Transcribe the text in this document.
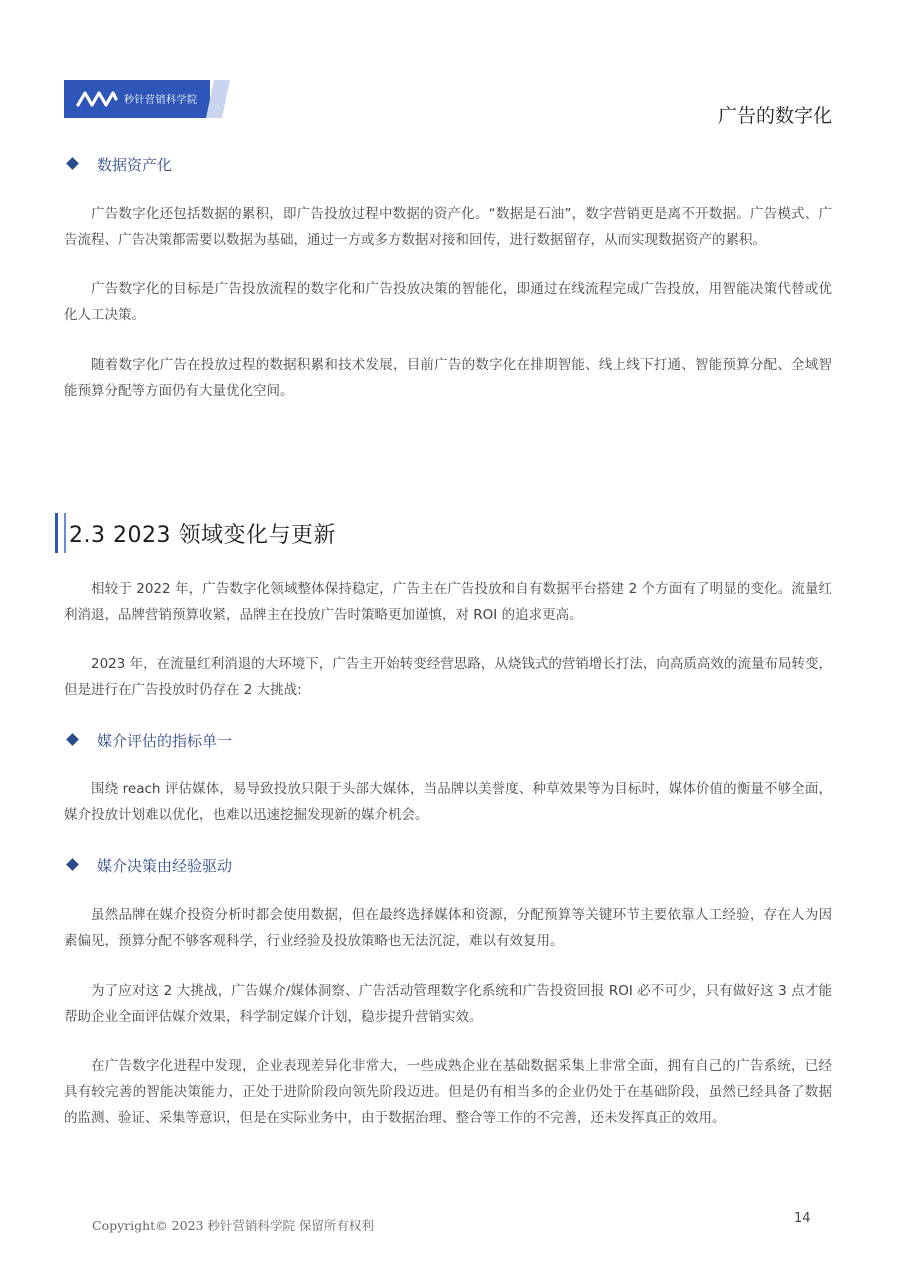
秒针营销科学院
广告的数字化
数据资产化

广告数字化还包括数据的累积，即广告投放过程中数据的资产化。“数据是石油”，数字营销更是离不开数据。广告模式、广告流程、广告决策都需要以数据为基础，通过一方或多方数据对接和回传，进行数据留存，从而实现数据资产的累积。

广告数字化的目标是广告投放流程的数字化和广告投放决策的智能化，即通过在线流程完成广告投放，用智能决策代替或优化人工决策。

随着数字化广告在投放过程的数据积累和技术发展，目前广告的数字化在排期智能、线上线下打通、智能预算分配、全域智能预算分配等方面仍有大量优化空间。

2.3 2023 领域变化与更新

相较于 2022 年，广告数字化领域整体保持稳定，广告主在广告投放和自有数据平台搭建 2 个方面有了明显的变化。流量红利消退，品牌营销预算收紧，品牌主在投放广告时策略更加谨慎，对 ROI 的追求更高。

2023 年，在流量红利消退的大环境下，广告主开始转变经营思路，从烧钱式的营销增长打法，向高质高效的流量布局转变，但是进行在广告投放时仍存在 2 大挑战:

媒介评估的指标单一

围绕 reach 评估媒体，易导致投放只限于头部大媒体，当品牌以美誉度、种草效果等为目标时，媒体价值的衡量不够全面，媒介投放计划难以优化，也难以迅速挖掘发现新的媒介机会。

媒介决策由经验驱动

虽然品牌在媒介投资分析时都会使用数据，但在最终选择媒体和资源，分配预算等关键环节主要依靠人工经验，存在人为因素偏见，预算分配不够客观科学，行业经验及投放策略也无法沉淀，难以有效复用。

为了应对这 2 大挑战，广告媒介/媒体洞察、广告活动管理数字化系统和广告投资回报 ROI 必不可少，只有做好这 3 点才能帮助企业全面评估媒介效果，科学制定媒介计划，稳步提升营销实效。

在广告数字化进程中发现，企业表现差异化非常大，一些成熟企业在基础数据采集上非常全面，拥有自己的广告系统，已经具有较完善的智能决策能力，正处于进阶阶段向领先阶段迈进。但是仍有相当多的企业仍处于在基础阶段，虽然已经具备了数据的监测、验证、采集等意识，但是在实际业务中，由于数据治理、整合等工作的不完善，还未发挥真正的效用。

Copyright© 2023 秒针营销科学院 保留所有权利	14
